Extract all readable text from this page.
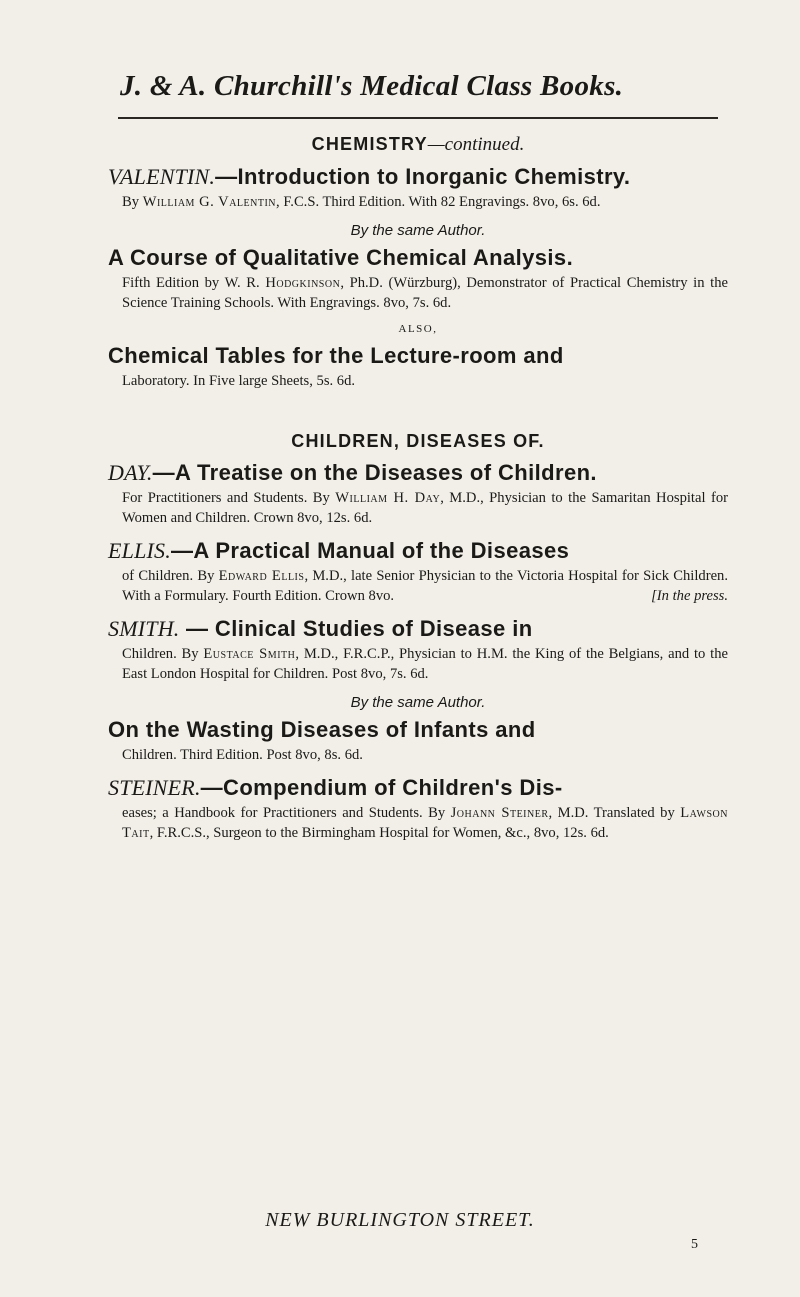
J. & A. Churchill's Medical Class Books.
CHEMISTRY—continued.

VALENTIN.—Introduction to Inorganic Chemistry.

By William G. Valentin, F.C.S. Third Edition. With 82 Engravings. 8vo, 6s. 6d.

By the same Author.

A Course of Qualitative Chemical Analysis.

Fifth Edition by W. R. Hodgkinson, Ph.D. (Würzburg), Demonstrator of Practical Chemistry in the Science Training Schools. With Engravings. 8vo, 7s. 6d.

ALSO,

Chemical Tables for the Lecture-room and

Laboratory. In Five large Sheets, 5s. 6d.

CHILDREN, DISEASES OF.

DAY.—A Treatise on the Diseases of Children.

For Practitioners and Students. By William H. Day, M.D., Physician to the Samaritan Hospital for Women and Children. Crown 8vo, 12s. 6d.

ELLIS.—A Practical Manual of the Diseases

of Children. By Edward Ellis, M.D., late Senior Physician to the Victoria Hospital for Sick Children. With a Formulary. Fourth Edition. Crown 8vo.	[In the press.

SMITH. — Clinical Studies of Disease in

Children. By Eustace Smith, M.D., F.R.C.P., Physician to H.M. the King of the Belgians, and to the East London Hospital for Children. Post 8vo, 7s. 6d.

By the same Author.

On the Wasting Diseases of Infants and

Children. Third Edition. Post 8vo, 8s. 6d.

STEINER.—Compendium of Children's Dis-

eases; a Handbook for Practitioners and Students. By Johann Steiner, M.D. Translated by Lawson Tait, F.R.C.S., Surgeon to the Birmingham Hospital for Women, &c., 8vo, 12s. 6d.

NEW BURLINGTON STREET.
5
